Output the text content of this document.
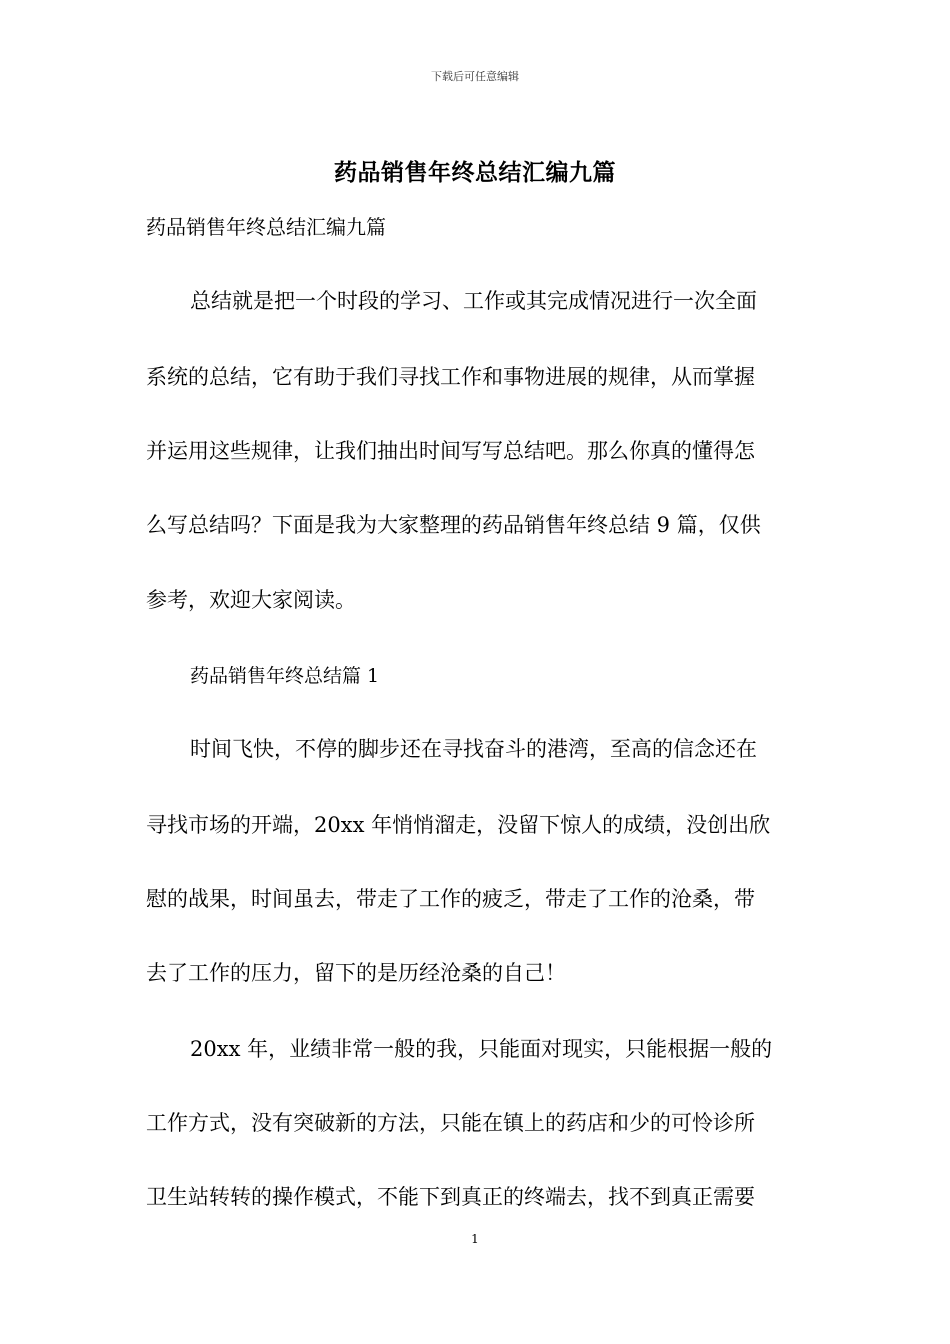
下载后可任意编辑
药品销售年终总结汇编九篇
药品销售年终总结汇编九篇
总结就是把一个时段的学习、工作或其完成情况进行一次全面
系统的总结，它有助于我们寻找工作和事物进展的规律，从而掌握
并运用这些规律，让我们抽出时间写写总结吧。那么你真的懂得怎
么写总结吗？下面是我为大家整理的药品销售年终总结 9 篇，仅供
参考，欢迎大家阅读。
药品销售年终总结篇 1
时间飞快，不停的脚步还在寻找奋斗的港湾，至高的信念还在
寻找市场的开端，20xx 年悄悄溜走，没留下惊人的成绩，没创出欣
慰的战果，时间虽去，带走了工作的疲乏，带走了工作的沧桑，带
去了工作的压力，留下的是历经沧桑的自己！
20xx 年，业绩非常一般的我，只能面对现实，只能根据一般的
工作方式，没有突破新的方法，只能在镇上的药店和少的可怜诊所
卫生站转转的操作模式，不能下到真正的终端去，找不到真正需要
1
